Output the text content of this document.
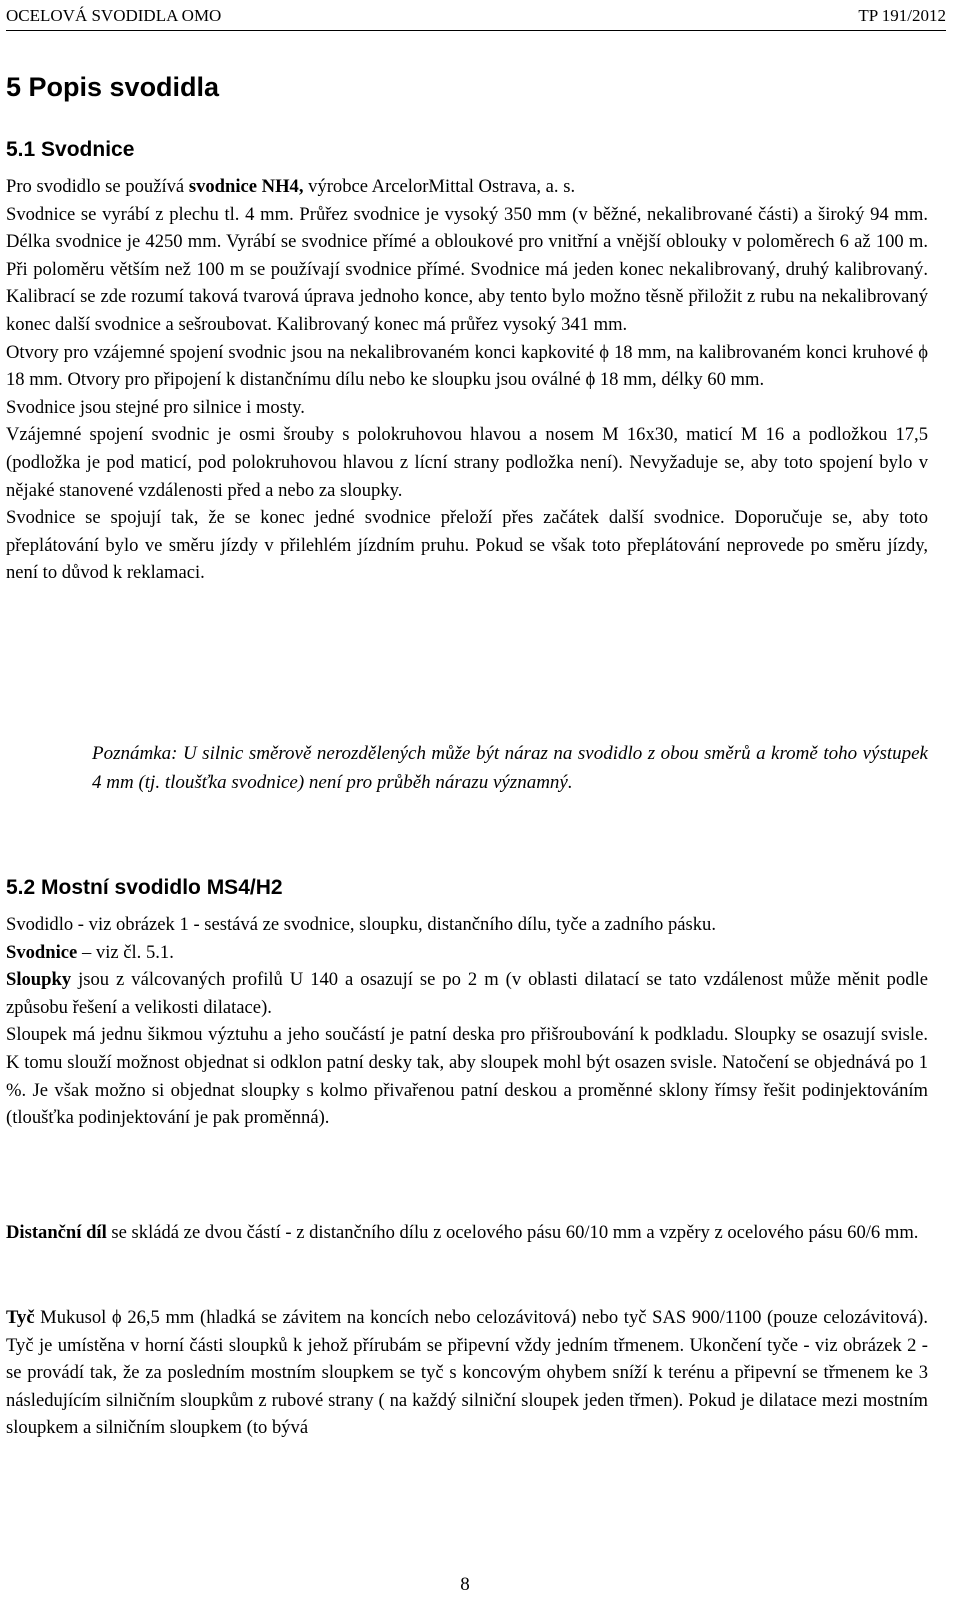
OCELOVÁ SVODIDLA OMO	TP 191/2012
5 Popis svodidla
5.1 Svodnice

Pro svodidlo se používá svodnice NH4, výrobce ArcelorMittal Ostrava, a. s.

Svodnice se vyrábí z plechu tl. 4 mm. Průřez svodnice je vysoký 350 mm (v běžné, nekalibrované části) a široký 94 mm. Délka svodnice je 4250 mm. Vyrábí se svodnice přímé a obloukové pro vnitřní a vnější oblouky v poloměrech 6 až 100 m. Při poloměru větším než 100 m se používají svodnice přímé. Svodnice má jeden konec nekalibrovaný, druhý kalibrovaný. Kalibrací se zde rozumí taková tvarová úprava jednoho konce, aby tento bylo možno těsně přiložit z rubu na nekalibrovaný konec další svodnice a sešroubovat. Kalibrovaný konec má průřez vysoký 341 mm.

Otvory pro vzájemné spojení svodnic jsou na nekalibrovaném konci kapkovité ϕ 18 mm, na kalibrovaném konci kruhové ϕ 18 mm. Otvory pro připojení k distančnímu dílu nebo ke sloupku jsou oválné ϕ 18 mm, délky 60 mm.

Svodnice jsou stejné pro silnice i mosty.

Vzájemné spojení svodnic je osmi šrouby s polokruhovou hlavou a nosem M 16x30, maticí M 16 a podložkou 17,5 (podložka je pod maticí, pod polokruhovou hlavou z lícní strany podložka není). Nevyžaduje se, aby toto spojení bylo v nějaké stanovené vzdálenosti před a nebo za sloupky.

Svodnice se spojují tak, že se konec jedné svodnice přeloží přes začátek další svodnice. Doporučuje se, aby toto přeplátování bylo ve směru jízdy v přilehlém jízdním pruhu. Pokud se však toto přeplátování neprovede po směru jízdy, není to důvod k reklamaci.

Poznámka: U silnic směrově nerozdělených může být náraz na svodidlo z obou směrů a kromě toho výstupek 4 mm (tj. tloušťka svodnice) není pro průběh nárazu významný.

5.2 Mostní svodidlo MS4/H2

Svodidlo - viz obrázek 1 - sestává ze svodnice, sloupku, distančního dílu, tyče a zadního pásku.

Svodnice – viz čl. 5.1.

Sloupky jsou z válcovaných profilů U 140 a osazují se po 2 m (v oblasti dilatací se tato vzdálenost může měnit podle způsobu řešení a velikosti dilatace).

Sloupek má jednu šikmou výztuhu a jeho součástí je patní deska pro přišroubování k podkladu. Sloupky se osazují svisle. K tomu slouží možnost objednat si odklon patní desky tak, aby sloupek mohl být osazen svisle. Natočení se objednává po 1 %. Je však možno si objednat sloupky s kolmo přivařenou patní deskou a proměnné sklony římsy řešit podinjektováním (tloušťka podinjektování je pak proměnná).

Distanční díl se skládá ze dvou částí - z distančního dílu z ocelového pásu 60/10 mm a vzpěry z ocelového pásu 60/6 mm.

Tyč Mukusol ϕ 26,5 mm (hladká se závitem na koncích nebo celozávitová) nebo tyč SAS 900/1100 (pouze celozávitová). Tyč je umístěna v horní části sloupků k jehož přírubám se připevní vždy jedním třmenem. Ukončení tyče - viz obrázek 2 - se provádí tak, že za posledním mostním sloupkem se tyč s koncovým ohybem sníží k terénu a připevní se třmenem ke 3 následujícím silničním sloupkům z rubové strany ( na každý silniční sloupek jeden třmen). Pokud je dilatace mezi mostním sloupkem a silničním sloupkem (to bývá

8
